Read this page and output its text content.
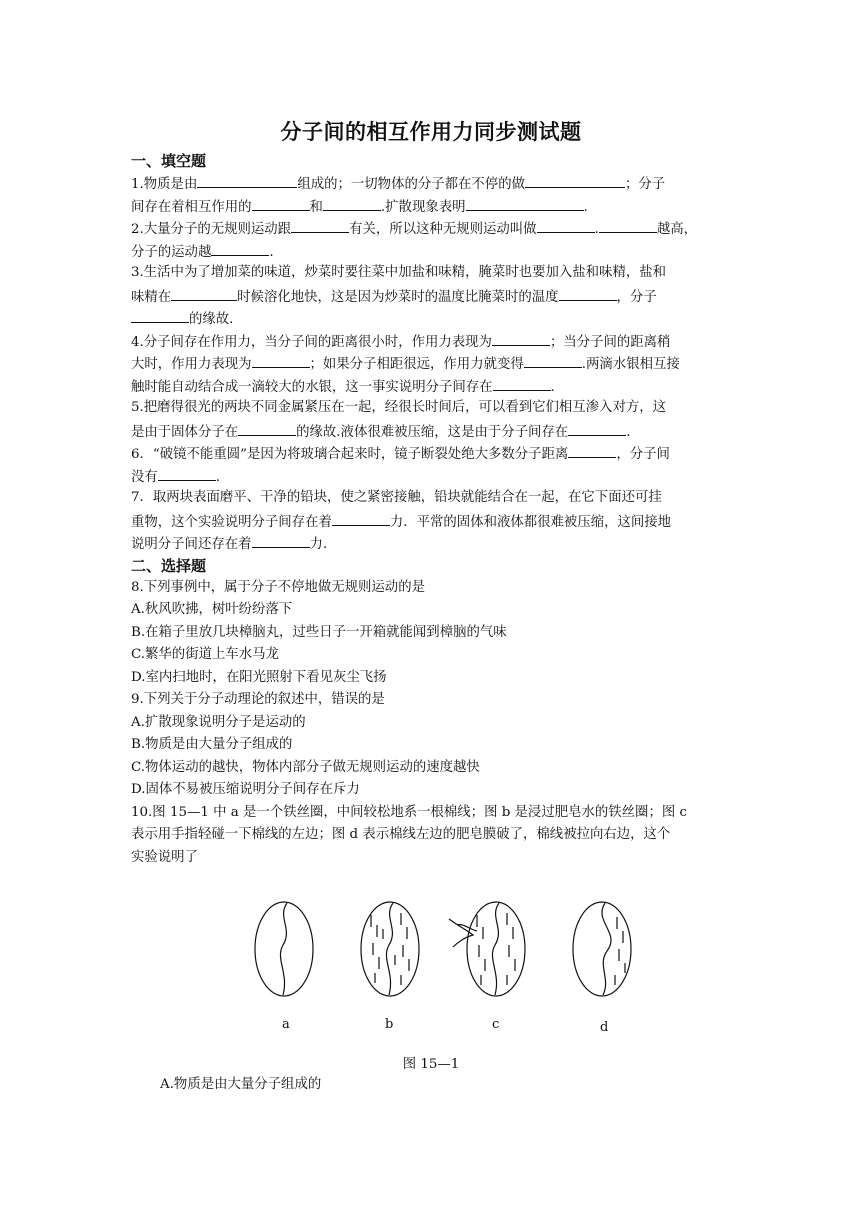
分子间的相互作用力同步测试题
一、填空题
1.物质是由	组成的；一切物体的分子都在不停的做	；分子
间存在着相互作用的	和	.扩散现象表明	.
2.大量分子的无规则运动跟	有关，所以这种无规则运动叫做	.	越高，
分子的运动越	.
3.生活中为了增加菜的味道，炒菜时要往菜中加盐和味精，腌菜时也要加入盐和味精，盐和
味精在	时候溶化地快，这是因为炒菜时的温度比腌菜时的温度	，分子
的缘故.
4.分子间存在作用力，当分子间的距离很小时，作用力表现为	；当分子间的距离稍
大时，作用力表现为	；如果分子相距很远，作用力就变得	.两滴水银相互接
触时能自动结合成一滴较大的水银，这一事实说明分子间存在	.
5.把磨得很光的两块不同金属紧压在一起，经很长时间后，可以看到它们相互渗入对方，这
是由于固体分子在	的缘故.液体很难被压缩，这是由于分子间存在	.
6．“破镜不能重圆”是因为将玻璃合起来时，镜子断裂处绝大多数分子距离	，分子间
没有	.
7．取两块表面磨平、干净的铅块，使之紧密接触，铅块就能结合在一起，在它下面还可挂
重物，这个实验说明分子间存在着	力．平常的固体和液体都很难被压缩，这间接地
说明分子间还存在着	力.
二、选择题
8.下列事例中，属于分子不停地做无规则运动的是
A.秋风吹拂，树叶纷纷落下
B.在箱子里放几块樟脑丸，过些日子一开箱就能闻到樟脑的气味
C.繁华的街道上车水马龙
D.室内扫地时，在阳光照射下看见灰尘飞扬
9.下列关于分子动理论的叙述中，错误的是
A.扩散现象说明分子是运动的
B.物质是由大量分子组成的
C.物体运动的越快，物体内部分子做无规则运动的速度越快
D.固体不易被压缩说明分子间存在斥力
10.图 15—1 中 a 是一个铁丝圈，中间较松地系一根棉线；图 b 是浸过肥皂水的铁丝圈；图 c
表示用手指轻碰一下棉线的左边；图 d 表示棉线左边的肥皂膜破了，棉线被拉向右边，这个
实验说明了
a	b	c	d
图 15—1
A.物质是由大量分子组成的
